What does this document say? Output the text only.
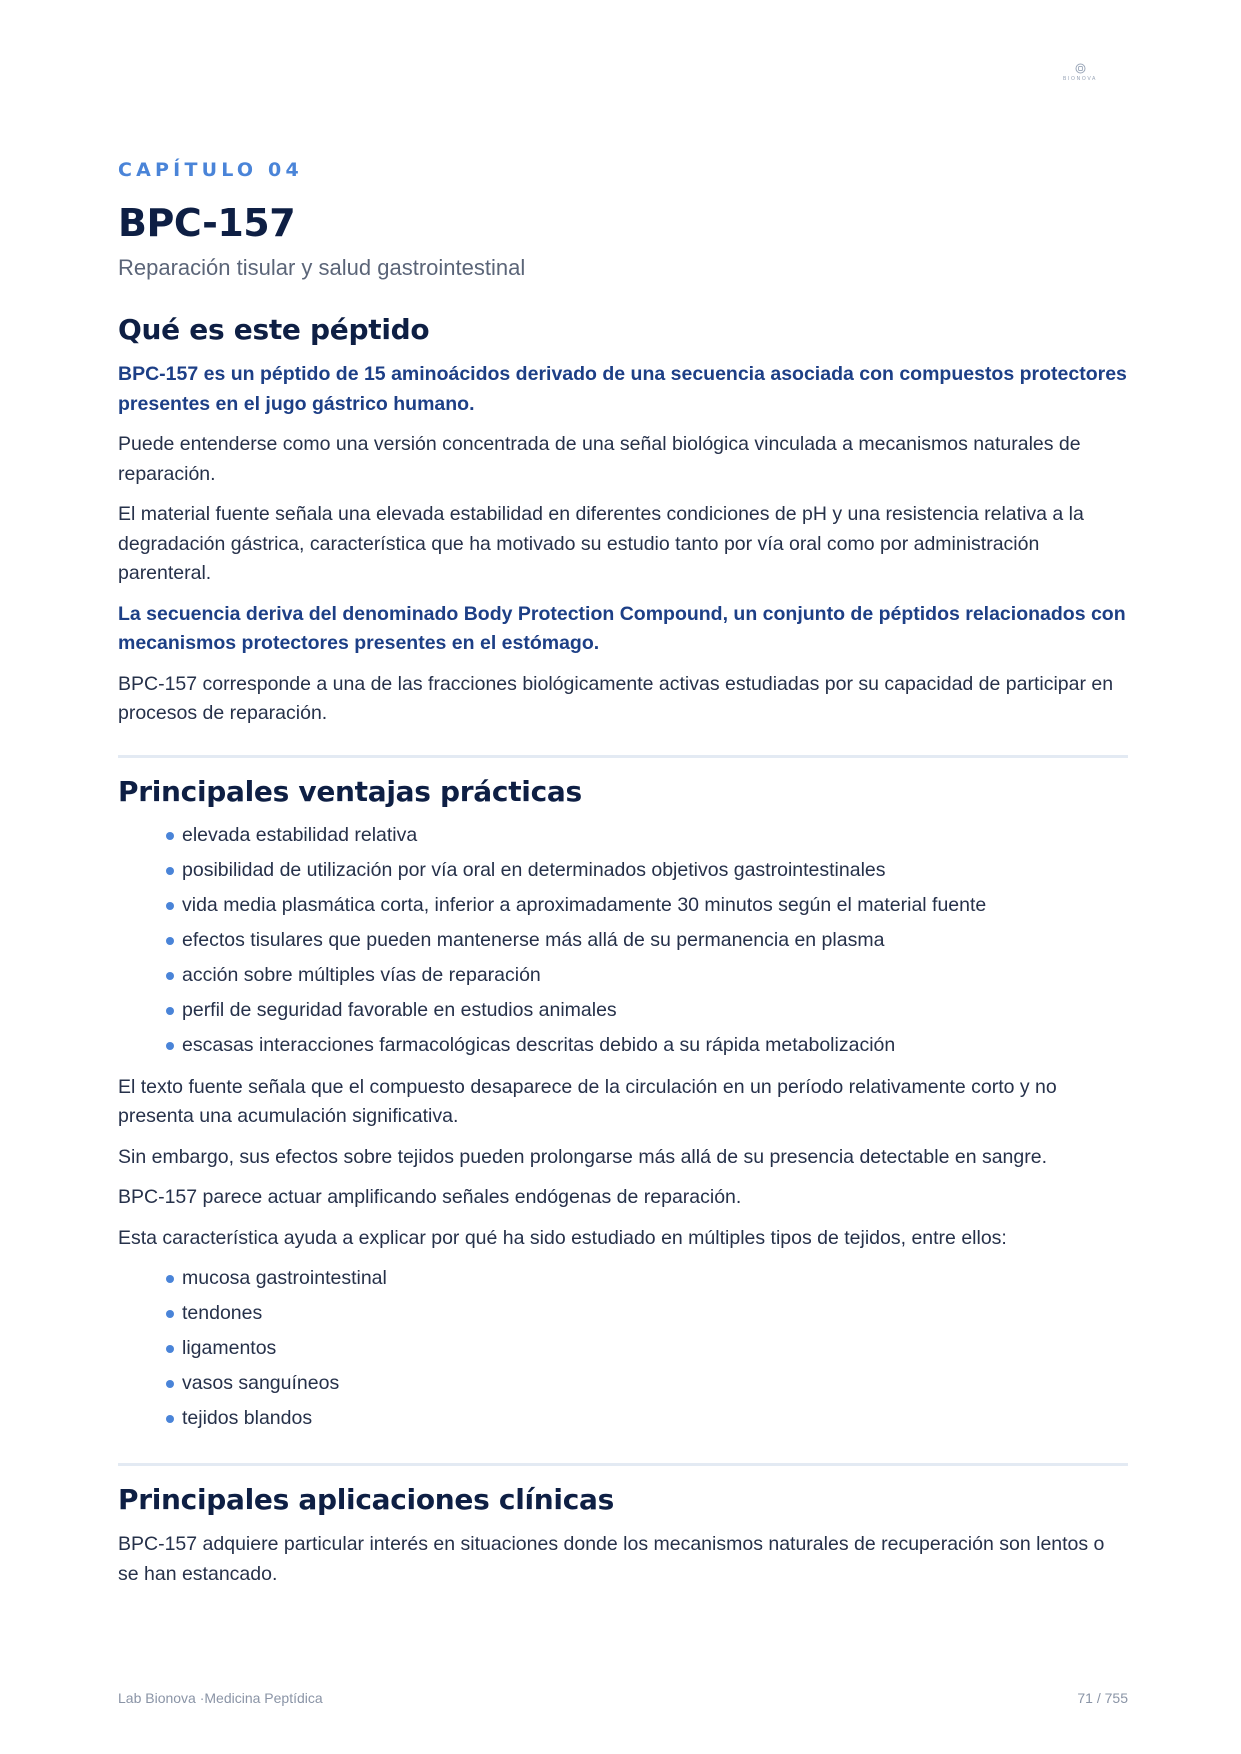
BIONOVA
CAPÍTULO 04
BPC-157
Reparación tisular y salud gastrointestinal
Qué es este péptido

BPC-157 es un péptido de 15 aminoácidos derivado de una secuencia asociada con compuestos protectores presentes en el jugo gástrico humano.

Puede entenderse como una versión concentrada de una señal biológica vinculada a mecanismos naturales de reparación.

El material fuente señala una elevada estabilidad en diferentes condiciones de pH y una resistencia relativa a la degradación gástrica, característica que ha motivado su estudio tanto por vía oral como por administración parenteral.

La secuencia deriva del denominado Body Protection Compound, un conjunto de péptidos relacionados con mecanismos protectores presentes en el estómago.

BPC-157 corresponde a una de las fracciones biológicamente activas estudiadas por su capacidad de participar en procesos de reparación.

Principales ventajas prácticas
elevada estabilidad relativa
posibilidad de utilización por vía oral en determinados objetivos gastrointestinales
vida media plasmática corta, inferior a aproximadamente 30 minutos según el material fuente
efectos tisulares que pueden mantenerse más allá de su permanencia en plasma
acción sobre múltiples vías de reparación
perfil de seguridad favorable en estudios animales
escasas interacciones farmacológicas descritas debido a su rápida metabolización

El texto fuente señala que el compuesto desaparece de la circulación en un período relativamente corto y no presenta una acumulación significativa.

Sin embargo, sus efectos sobre tejidos pueden prolongarse más allá de su presencia detectable en sangre.

BPC-157 parece actuar amplificando señales endógenas de reparación.

Esta característica ayuda a explicar por qué ha sido estudiado en múltiples tipos de tejidos, entre ellos:

mucosa gastrointestinal
tendones
ligamentos
vasos sanguíneos
tejidos blandos
Principales aplicaciones clínicas

BPC-157 adquiere particular interés en situaciones donde los mecanismos naturales de recuperación son lentos o se han estancado.

Lab Bionova ·Medicina Peptídica	71 / 755
